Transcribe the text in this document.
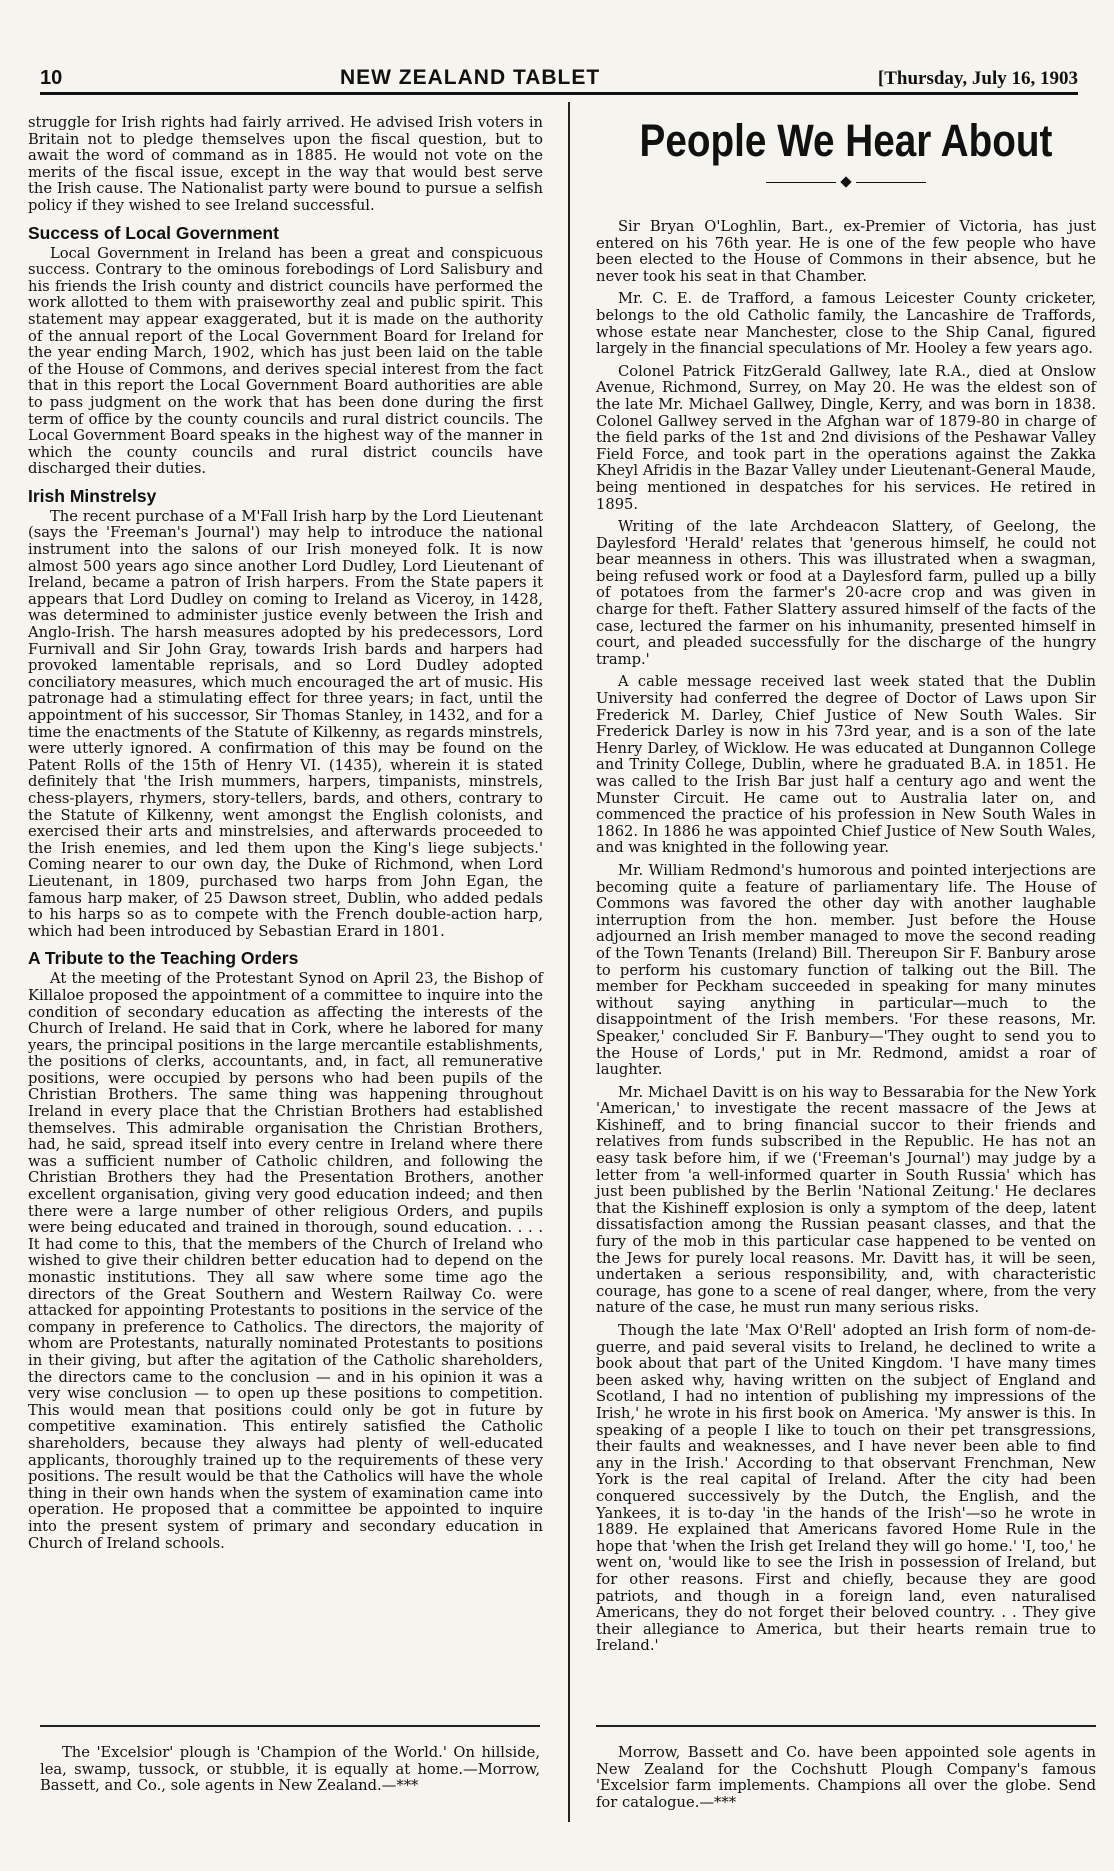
10	NEW ZEALAND TABLET	[Thursday, July 16, 1903

struggle for Irish rights had fairly arrived. He advised Irish voters in Britain not to pledge themselves upon the fiscal question, but to await the word of command as in 1885. He would not vote on the merits of the fiscal issue, except in the way that would best serve the Irish cause. The Nationalist party were bound to pursue a selfish policy if they wished to see Ireland successful.

Success of Local Government

Local Government in Ireland has been a great and conspicuous success. Contrary to the ominous forebodings of Lord Salisbury and his friends the Irish county and district councils have performed the work allotted to them with praiseworthy zeal and public spirit. This statement may appear exaggerated, but it is made on the authority of the annual report of the Local Government Board for Ireland for the year ending March, 1902, which has just been laid on the table of the House of Commons, and derives special interest from the fact that in this report the Local Government Board authorities are able to pass judgment on the work that has been done during the first term of office by the county councils and rural district councils. The Local Government Board speaks in the highest way of the manner in which the county councils and rural district councils have discharged their duties.

Irish Minstrelsy

The recent purchase of a M'Fall Irish harp by the Lord Lieutenant (says the 'Freeman's Journal') may help to introduce the national instrument into the salons of our Irish moneyed folk. It is now almost 500 years ago since another Lord Dudley, Lord Lieutenant of Ireland, became a patron of Irish harpers. From the State papers it appears that Lord Dudley on coming to Ireland as Viceroy, in 1428, was determined to administer justice evenly between the Irish and Anglo-Irish. The harsh measures adopted by his predecessors, Lord Furnivall and Sir John Gray, towards Irish bards and harpers had provoked lamentable reprisals, and so Lord Dudley adopted conciliatory measures, which much encouraged the art of music. His patronage had a stimulating effect for three years; in fact, until the appointment of his successor, Sir Thomas Stanley, in 1432, and for a time the enactments of the Statute of Kilkenny, as regards minstrels, were utterly ignored. A confirmation of this may be found on the Patent Rolls of the 15th of Henry VI. (1435), wherein it is stated definitely that 'the Irish mummers, harpers, timpanists, minstrels, chess-players, rhymers, story-tellers, bards, and others, contrary to the Statute of Kilkenny, went amongst the English colonists, and exercised their arts and minstrelsies, and afterwards proceeded to the Irish enemies, and led them upon the King's liege subjects.' Coming nearer to our own day, the Duke of Richmond, when Lord Lieutenant, in 1809, purchased two harps from John Egan, the famous harp maker, of 25 Dawson street, Dublin, who added pedals to his harps so as to compete with the French double-action harp, which had been introduced by Sebastian Erard in 1801.

A Tribute to the Teaching Orders

At the meeting of the Protestant Synod on April 23, the Bishop of Killaloe proposed the appointment of a committee to inquire into the condition of secondary education as affecting the interests of the Church of Ireland. He said that in Cork, where he labored for many years, the principal positions in the large mercantile establishments, the positions of clerks, accountants, and, in fact, all remunerative positions, were occupied by persons who had been pupils of the Christian Brothers. The same thing was happening throughout Ireland in every place that the Christian Brothers had established themselves. This admirable organisation the Christian Brothers, had, he said, spread itself into every centre in Ireland where there was a sufficient number of Catholic children, and following the Christian Brothers they had the Presentation Brothers, another excellent organisation, giving very good education indeed; and then there were a large number of other religious Orders, and pupils were being educated and trained in thorough, sound education. . . . It had come to this, that the members of the Church of Ireland who wished to give their children better education had to depend on the monastic institutions. They all saw where some time ago the directors of the Great Southern and Western Railway Co. were attacked for appointing Protestants to positions in the service of the company in preference to Catholics. The directors, the majority of whom are Protestants, naturally nominated Protestants to positions in their giving, but after the agitation of the Catholic shareholders, the directors came to the conclusion — and in his opinion it was a very wise conclusion — to open up these positions to competition. This would mean that positions could only be got in future by competitive examination. This entirely satisfied the Catholic shareholders, because they always had plenty of well-educated applicants, thoroughly trained up to the requirements of these very positions. The result would be that the Catholics will have the whole thing in their own hands when the system of examination came into operation. He proposed that a committee be appointed to inquire into the present system of primary and secondary education in Church of Ireland schools.

People We Hear About

Sir Bryan O'Loghlin, Bart., ex-Premier of Victoria, has just entered on his 76th year. He is one of the few people who have been elected to the House of Commons in their absence, but he never took his seat in that Chamber.

Mr. C. E. de Trafford, a famous Leicester County cricketer, belongs to the old Catholic family, the Lancashire de Traffords, whose estate near Manchester, close to the Ship Canal, figured largely in the financial speculations of Mr. Hooley a few years ago.

Colonel Patrick FitzGerald Gallwey, late R.A., died at Onslow Avenue, Richmond, Surrey, on May 20. He was the eldest son of the late Mr. Michael Gallwey, Dingle, Kerry, and was born in 1838. Colonel Gallwey served in the Afghan war of 1879-80 in charge of the field parks of the 1st and 2nd divisions of the Peshawar Valley Field Force, and took part in the operations against the Zakka Kheyl Afridis in the Bazar Valley under Lieutenant-General Maude, being mentioned in despatches for his services. He retired in 1895.

Writing of the late Archdeacon Slattery, of Geelong, the Daylesford 'Herald' relates that 'generous himself, he could not bear meanness in others. This was illustrated when a swagman, being refused work or food at a Daylesford farm, pulled up a billy of potatoes from the farmer's 20-acre crop and was given in charge for theft. Father Slattery assured himself of the facts of the case, lectured the farmer on his inhumanity, presented himself in court, and pleaded successfully for the discharge of the hungry tramp.'

A cable message received last week stated that the Dublin University had conferred the degree of Doctor of Laws upon Sir Frederick M. Darley, Chief Justice of New South Wales. Sir Frederick Darley is now in his 73rd year, and is a son of the late Henry Darley, of Wicklow. He was educated at Dungannon College and Trinity College, Dublin, where he graduated B.A. in 1851. He was called to the Irish Bar just half a century ago and went the Munster Circuit. He came out to Australia later on, and commenced the practice of his profession in New South Wales in 1862. In 1886 he was appointed Chief Justice of New South Wales, and was knighted in the following year.

Mr. William Redmond's humorous and pointed interjections are becoming quite a feature of parliamentary life. The House of Commons was favored the other day with another laughable interruption from the hon. member. Just before the House adjourned an Irish member managed to move the second reading of the Town Tenants (Ireland) Bill. Thereupon Sir F. Banbury arose to perform his customary function of talking out the Bill. The member for Peckham succeeded in speaking for many minutes without saying anything in particular—much to the disappointment of the Irish members. 'For these reasons, Mr. Speaker,' concluded Sir F. Banbury—'They ought to send you to the House of Lords,' put in Mr. Redmond, amidst a roar of laughter.

Mr. Michael Davitt is on his way to Bessarabia for the New York 'American,' to investigate the recent massacre of the Jews at Kishineff, and to bring financial succor to their friends and relatives from funds subscribed in the Republic. He has not an easy task before him, if we ('Freeman's Journal') may judge by a letter from 'a well-informed quarter in South Russia' which has just been published by the Berlin 'National Zeitung.' He declares that the Kishineff explosion is only a symptom of the deep, latent dissatisfaction among the Russian peasant classes, and that the fury of the mob in this particular case happened to be vented on the Jews for purely local reasons. Mr. Davitt has, it will be seen, undertaken a serious responsibility, and, with characteristic courage, has gone to a scene of real danger, where, from the very nature of the case, he must run many serious risks.

Though the late 'Max O'Rell' adopted an Irish form of nom-de-guerre, and paid several visits to Ireland, he declined to write a book about that part of the United Kingdom. 'I have many times been asked why, having written on the subject of England and Scotland, I had no intention of publishing my impressions of the Irish,' he wrote in his first book on America. 'My answer is this. In speaking of a people I like to touch on their pet transgressions, their faults and weaknesses, and I have never been able to find any in the Irish.' According to that observant Frenchman, New York is the real capital of Ireland. After the city had been conquered successively by the Dutch, the English, and the Yankees, it is to-day 'in the hands of the Irish'—so he wrote in 1889. He explained that Americans favored Home Rule in the hope that 'when the Irish get Ireland they will go home.' 'I, too,' he went on, 'would like to see the Irish in possession of Ireland, but for other reasons. First and chiefly, because they are good patriots, and though in a foreign land, even naturalised Americans, they do not forget their beloved country. . . They give their allegiance to America, but their hearts remain true to Ireland.'

The 'Excelsior' plough is 'Champion of the World.' On hillside, lea, swamp, tussock, or stubble, it is equally at home.—Morrow, Bassett, and Co., sole agents in New Zealand.—***

Morrow, Bassett and Co. have been appointed sole agents in New Zealand for the Cochshutt Plough Company's famous 'Excelsior farm implements. Champions all over the globe. Send for catalogue.—***
